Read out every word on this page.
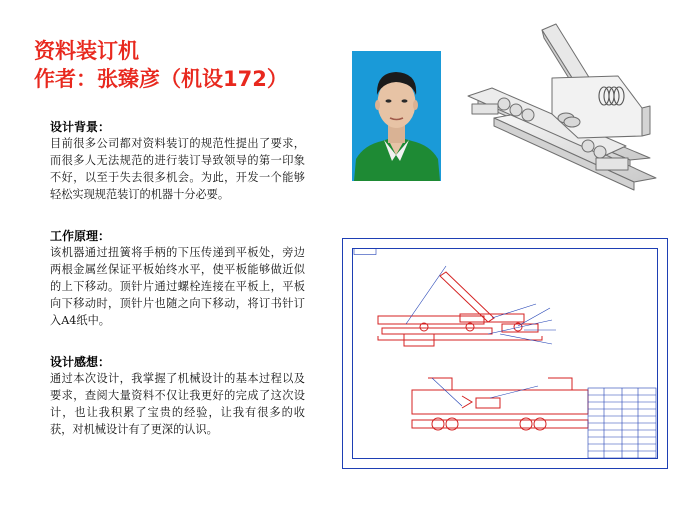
资料装订机
作者：张臻彦（机设172）
设计背景：

目前很多公司都对资料装订的规范性提出了要求，而很多人无法规范的进行装订导致领导的第一印象不好，以至于失去很多机会。为此，开发一个能够轻松实现规范装订的机器十分必要。

工作原理：

该机器通过扭簧将手柄的下压传递到平板处，旁边两根金属丝保证平板始终水平，使平板能够做近似的上下移动。顶针片通过螺栓连接在平板上，平板向下移动时，顶针片也随之向下移动，将订书针订入A4纸中。

设计感想：

通过本次设计，我掌握了机械设计的基本过程以及要求，查阅大量资料不仅让我更好的完成了这次设计，也让我积累了宝贵的经验，让我有很多的收获，对机械设计有了更深的认识。
